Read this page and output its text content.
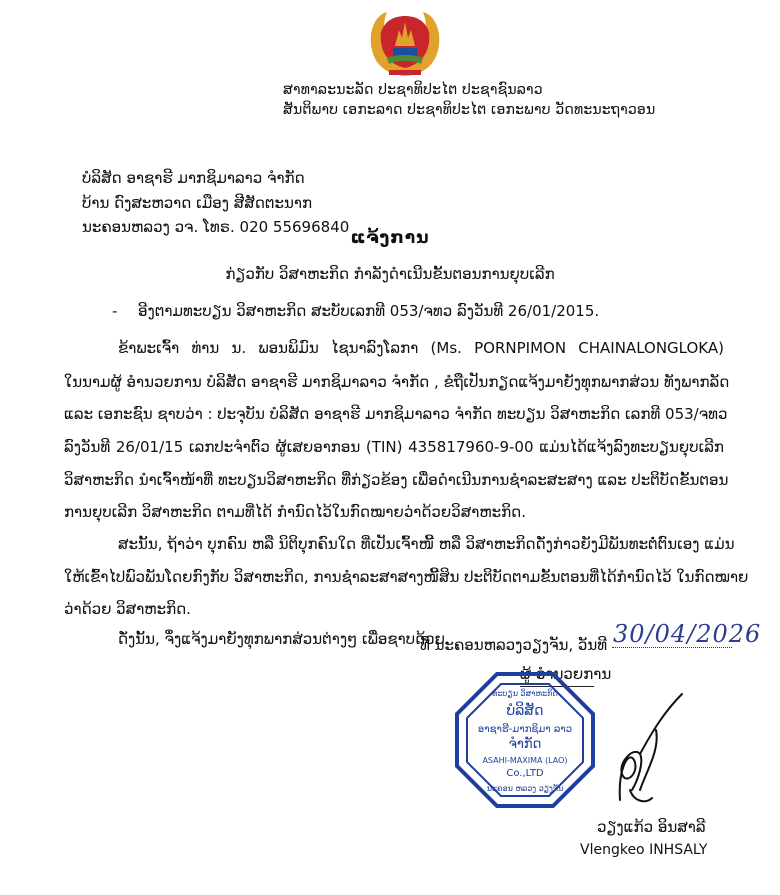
ສາທາລະນະລັດ ປະຊາທິປະໄຕ ປະຊາຊົນລາວ
ສັນຕິພາບ ເອກະລາດ ປະຊາທິປະໄຕ ເອກະພາບ ວັດທະນະຖາວອນ
ບໍລິສັດ ອາຊາຮີ ມາກຊິມາລາວ ຈຳກັດ
ບ້ານ ດົງສະຫວາດ ເມືອງ ສີສັດຕະນາກ
ນະຄອນຫລວງ ວຈ. ໂທຣ. 020 55696840
ແຈ້ງການ
ກ່ຽວກັບ ວິສາຫະກິດ ກຳລັງດຳເນີນຂັ້ນຕອນການຍຸບເລີກ
- ອີງຕາມທະບຽນ ວິສາຫະກິດ ສະບັບເລກທີ 053/ຈທວ ລົງວັນທີ 26/01/2015.
ຂ້າພະເຈົ້າ ທ່ານ ນ. ພອນພິມົນ ໄຊນາລົງໂລກາ (Ms. PORNPIMON CHAINALONGLOKA)
ໃນນາມຜູ້ ອຳນວຍການ ບໍລິສັດ ອາຊາຮີ ມາກຊິມາລາວ ຈຳກັດ , ຂໍຖືເປັນກຽດແຈ້ງມາຍັງທຸກພາກສ່ວນ ທັງພາກລັດ
ແລະ ເອກະຊົນ ຊາບວ່າ : ປະຈຸບັນ ບໍລິສັດ ອາຊາຮີ ມາກຊິມາລາວ ຈຳກັດ ທະບຽນ ວິສາຫະກິດ ເລກທີ 053/ຈທວ
ລົງວັນທີ 26/01/15 ເລກປະຈຳຕົວ ຜູ້ເສຍອາກອນ (TIN) 435817960-9-00 ແມ່ນໄດ້ແຈ້ງລົງທະບຽນຍຸບເລີກ
ວິສາຫະກິດ ນຳເຈົ້າໜ້າທີ່ ທະບຽນວິສາຫະກິດ ທີ່ກ່ຽວຂ້ອງ ເພື່ອດຳເນີນການຊຳລະສະສາງ ແລະ ປະຕິບັດຂັ້ນຕອນ
ການຍຸບເລີກ ວິສາຫະກິດ ຕາມທີ່ໄດ້ ກຳນົດໄວ້ໃນກົດໝາຍວ່າດ້ວຍວິສາຫະກິດ.
ສະນັ້ນ, ຖ້າວ່າ ບຸກຄົນ ຫລື ນິຕິບຸກຄົນໃດ ທີ່ເປັນເຈົ້າໜີ້ ຫລື ວິສາຫະກິດດັ່ງກ່າວຍັງມີພັນທະຕໍ່ຕົນເອງ ແມ່ນ
ໃຫ້ເຂົ້າໄປພົວພັນໂດຍກົງກັບ ວິສາຫະກິດ, ການຊຳລະສາສາງໜີ້ສິນ ປະຕິບັດຕາມຂັ້ນຕອນທີ່ໄດ້ກຳນົດໄວ້ ໃນກົດໝາຍ
ວ່າດ້ວຍ ວິສາຫະກິດ.
ດັ່ງນັ້ນ, ຈຶ່ງແຈ້ງມາຍັງທຸກພາກສ່ວນຕ່າງໆ ເພື່ອຊາບດ້ວຍ.
ທີ່ ນະຄອນຫລວງວຽງຈັນ, ວັນທີ 30/04/2026
ຜູ້ ອຳນວຍການ
ທະບຽນ ວິສາຫະກິດ
ບໍລິສັດ
ອາຊາຮີ-ມາກຊິມາ ລາວ
ຈຳກັດ
ASAHI-MAXIMA (LAO)
Co.,LTD
ນະຄອນ ຫລວງ ວຽງຈັນ
ວຽງແກ້ວ ອິນສາລີ
Vlengkeo INHSALY
